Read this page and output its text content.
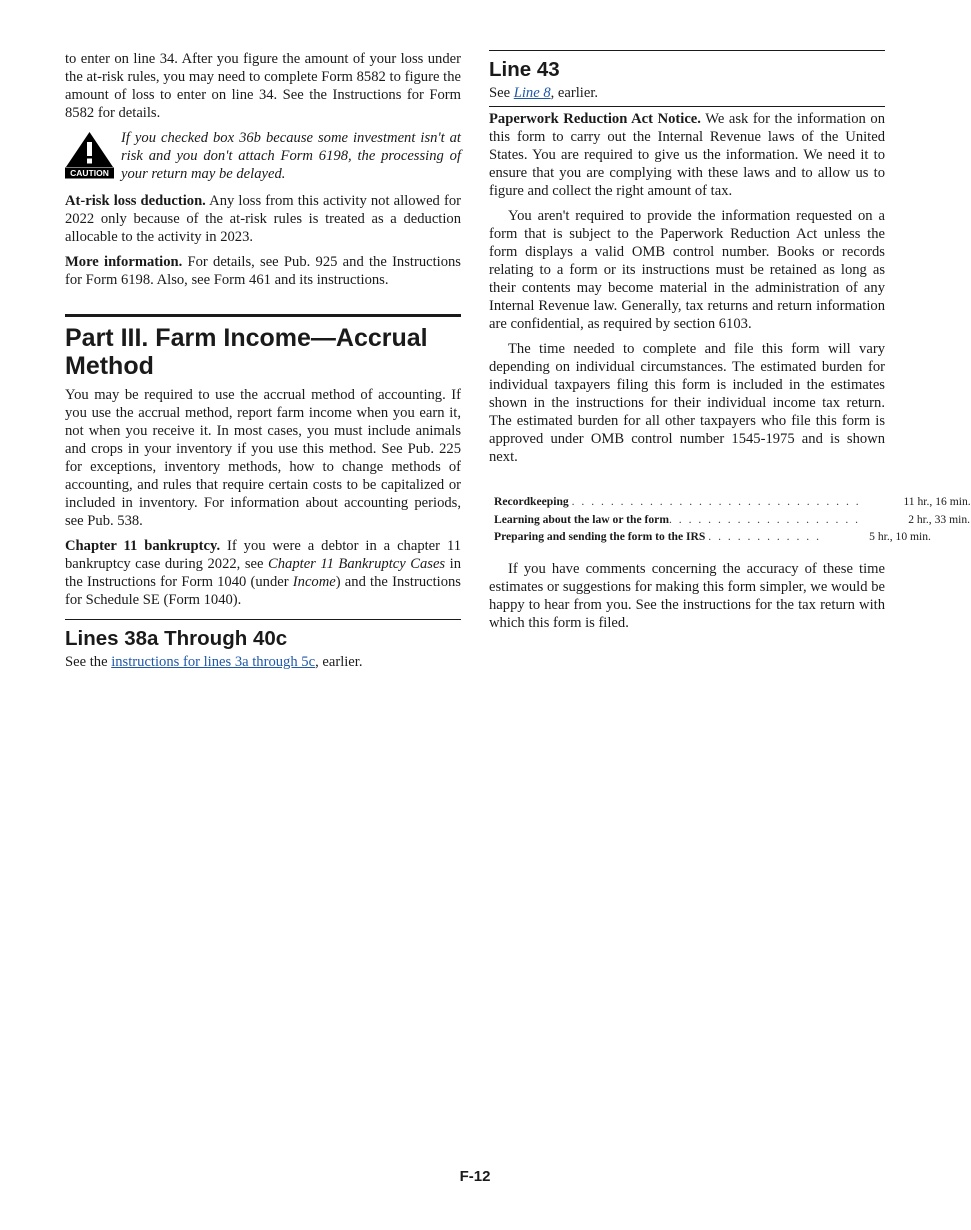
to enter on line 34. After you figure the amount of your loss under the at-risk rules, you may need to complete Form 8582 to figure the amount of loss to enter on line 34. See the Instructions for Form 8582 for details.

CAUTION
If you checked box 36b because some investment isn't at risk and you don't attach Form 6198, the processing of your return may be delayed.

At-risk loss deduction. Any loss from this activity not allowed for 2022 only because of the at-risk rules is treated as a deduction allocable to the activity in 2023.

More information. For details, see Pub. 925 and the Instructions for Form 6198. Also, see Form 461 and its instructions.

Part III. Farm Income—Accrual Method

You may be required to use the accrual method of accounting. If you use the accrual method, report farm income when you earn it, not when you receive it. In most cases, you must include animals and crops in your inventory if you use this method. See Pub. 225 for exceptions, inventory methods, how to change methods of accounting, and rules that require certain costs to be capitalized or included in inventory. For information about accounting periods, see Pub. 538.

Chapter 11 bankruptcy. If you were a debtor in a chapter 11 bankruptcy case during 2022, see Chapter 11 Bankruptcy Cases in the Instructions for Form 1040 (under Income) and the Instructions for Schedule SE (Form 1040).

Lines 38a Through 40c

See the instructions for lines 3a through 5c, earlier.

Line 43

See Line 8, earlier.

Paperwork Reduction Act Notice. We ask for the information on this form to carry out the Internal Revenue laws of the United States. You are required to give us the information. We need it to ensure that you are complying with these laws and to allow us to figure and collect the right amount of tax.

You aren't required to provide the information requested on a form that is subject to the Paperwork Reduction Act unless the form displays a valid OMB control number. Books or records relating to a form or its instructions must be retained as long as their contents may become material in the administration of any Internal Revenue law. Generally, tax returns and return information are confidential, as required by section 6103.

The time needed to complete and file this form will vary depending on individual circumstances. The estimated burden for individual taxpayers filing this form is included in the estimates shown in the instructions for their individual income tax return. The estimated burden for all other taxpayers who file this form is approved under OMB control number 1545-1975 and is shown next.

Recordkeeping . . . . . . . . . . . . . . . . . . . . . . . . . . . . . .	11 hr., 16 min.
Learning about the law or the form. . . . . . . . . . . . . . . . . . . .	2 hr., 33 min.
Preparing and sending the form to the IRS . . . . . . . . . . . .	5 hr., 10 min.

If you have comments concerning the accuracy of these time estimates or suggestions for making this form simpler, we would be happy to hear from you. See the instructions for the tax return with which this form is filed.

F-12
